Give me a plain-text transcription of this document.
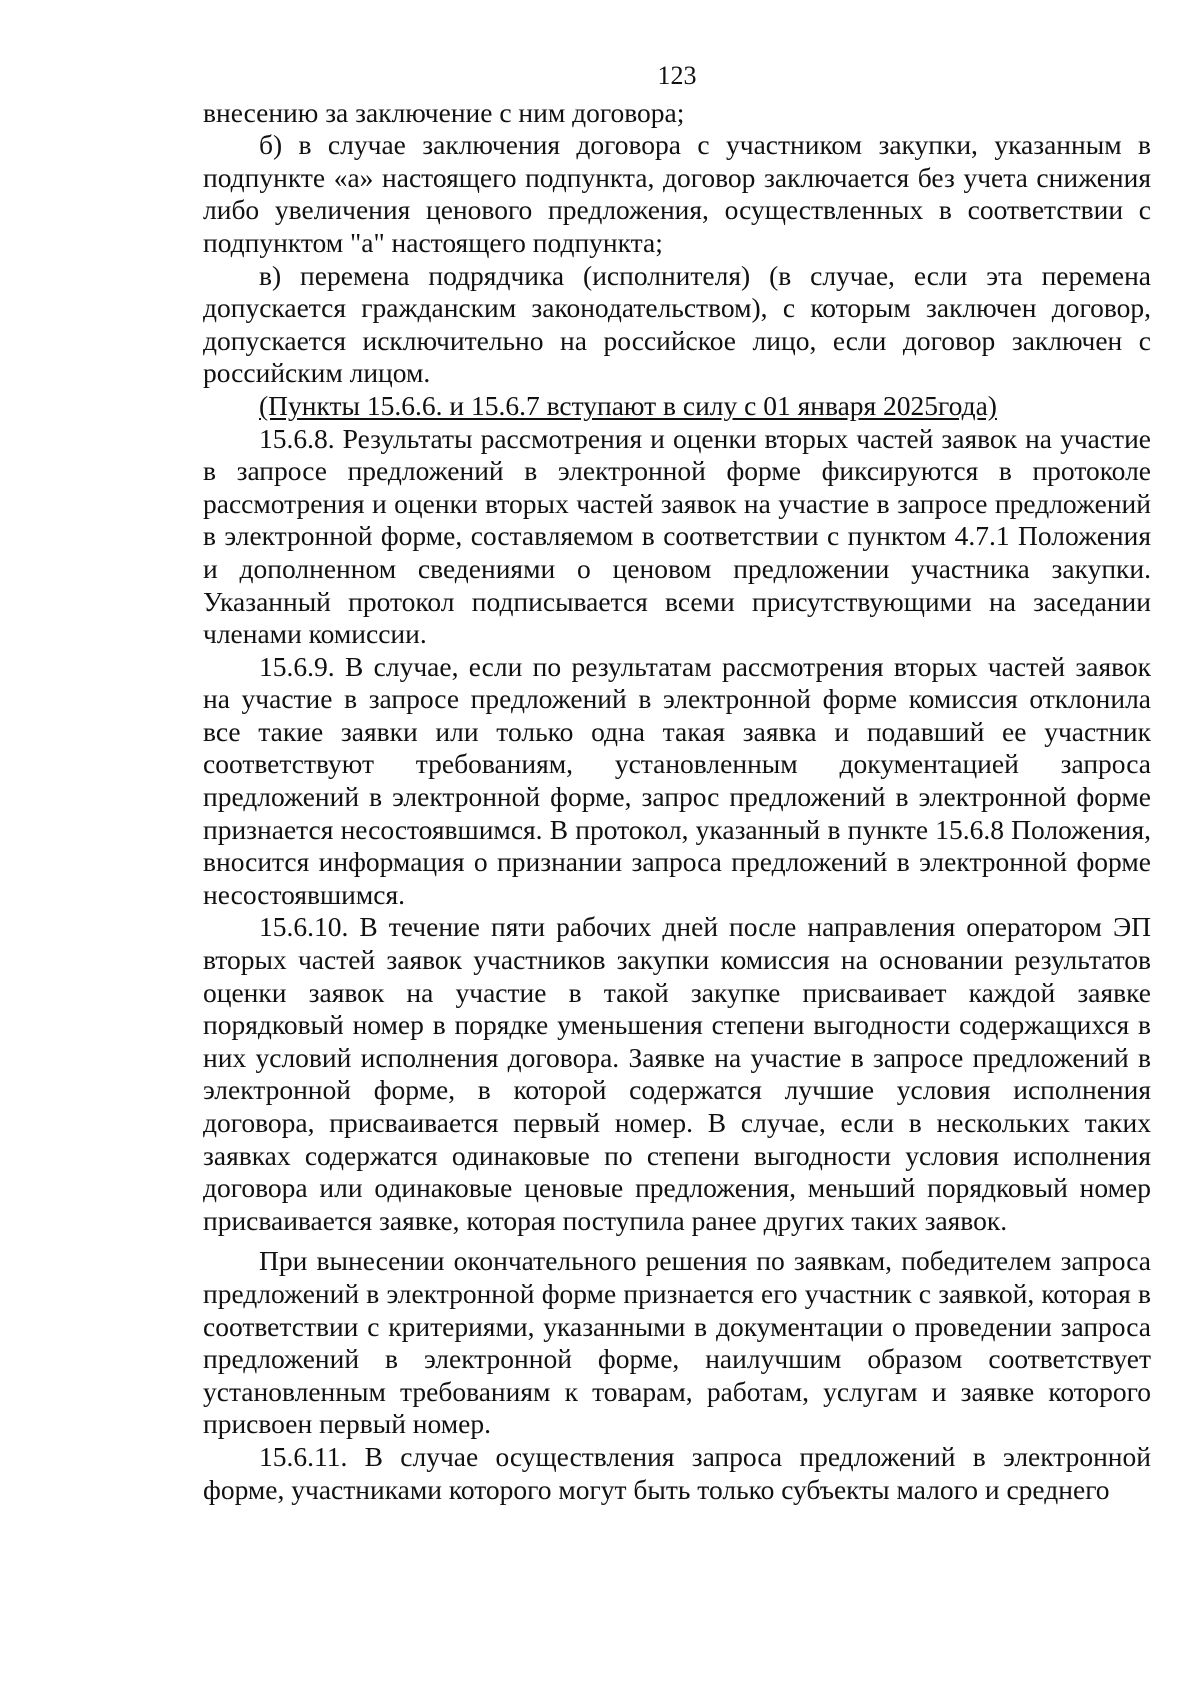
123

внесению за заключение с ним договора;

б) в случае заключения договора с участником закупки, указанным в подпункте «а» настоящего подпункта, договор заключается без учета снижения либо увеличения ценового предложения, осуществленных в соответствии с подпунктом "а" настоящего подпункта;

в) перемена подрядчика (исполнителя) (в случае, если эта перемена допускается гражданским законодательством), с которым заключен договор, допускается исключительно на российское лицо, если договор заключен с российским лицом.

(Пункты 15.6.6. и 15.6.7 вступают в силу с 01 января 2025года)

15.6.8. Результаты рассмотрения и оценки вторых частей заявок на участие в запросе предложений в электронной форме фиксируются в протоколе рассмотрения и оценки вторых частей заявок на участие в запросе предложений в электронной форме, составляемом в соответствии с пунктом 4.7.1 Положения и дополненном сведениями о ценовом предложении участника закупки. Указанный протокол подписывается всеми присутствующими на заседании членами комиссии.

15.6.9. В случае, если по результатам рассмотрения вторых частей заявок на участие в запросе предложений в электронной форме комиссия отклонила все такие заявки или только одна такая заявка и подавший ее участник соответствуют требованиям, установленным документацией запроса предложений в электронной форме, запрос предложений в электронной форме признается несостоявшимся. В протокол, указанный в пункте 15.6.8 Положения, вносится информация о признании запроса предложений в электронной форме несостоявшимся.

15.6.10. В течение пяти рабочих дней после направления оператором ЭП вторых частей заявок участников закупки комиссия на основании результатов оценки заявок на участие в такой закупке присваивает каждой заявке порядковый номер в порядке уменьшения степени выгодности содержащихся в них условий исполнения договора. Заявке на участие в запросе предложений в электронной форме, в которой содержатся лучшие условия исполнения договора, присваивается первый номер. В случае, если в нескольких таких заявках содержатся одинаковые по степени выгодности условия исполнения договора или одинаковые ценовые предложения, меньший порядковый номер присваивается заявке, которая поступила ранее других таких заявок.

При вынесении окончательного решения по заявкам, победителем запроса предложений в электронной форме признается его участник с заявкой, которая в соответствии с критериями, указанными в документации о проведении запроса предложений в электронной форме, наилучшим образом соответствует установленным требованиям к товарам, работам, услугам и заявке которого присвоен первый номер.

15.6.11. В случае осуществления запроса предложений в электронной форме, участниками которого могут быть только субъекты малого и среднего
